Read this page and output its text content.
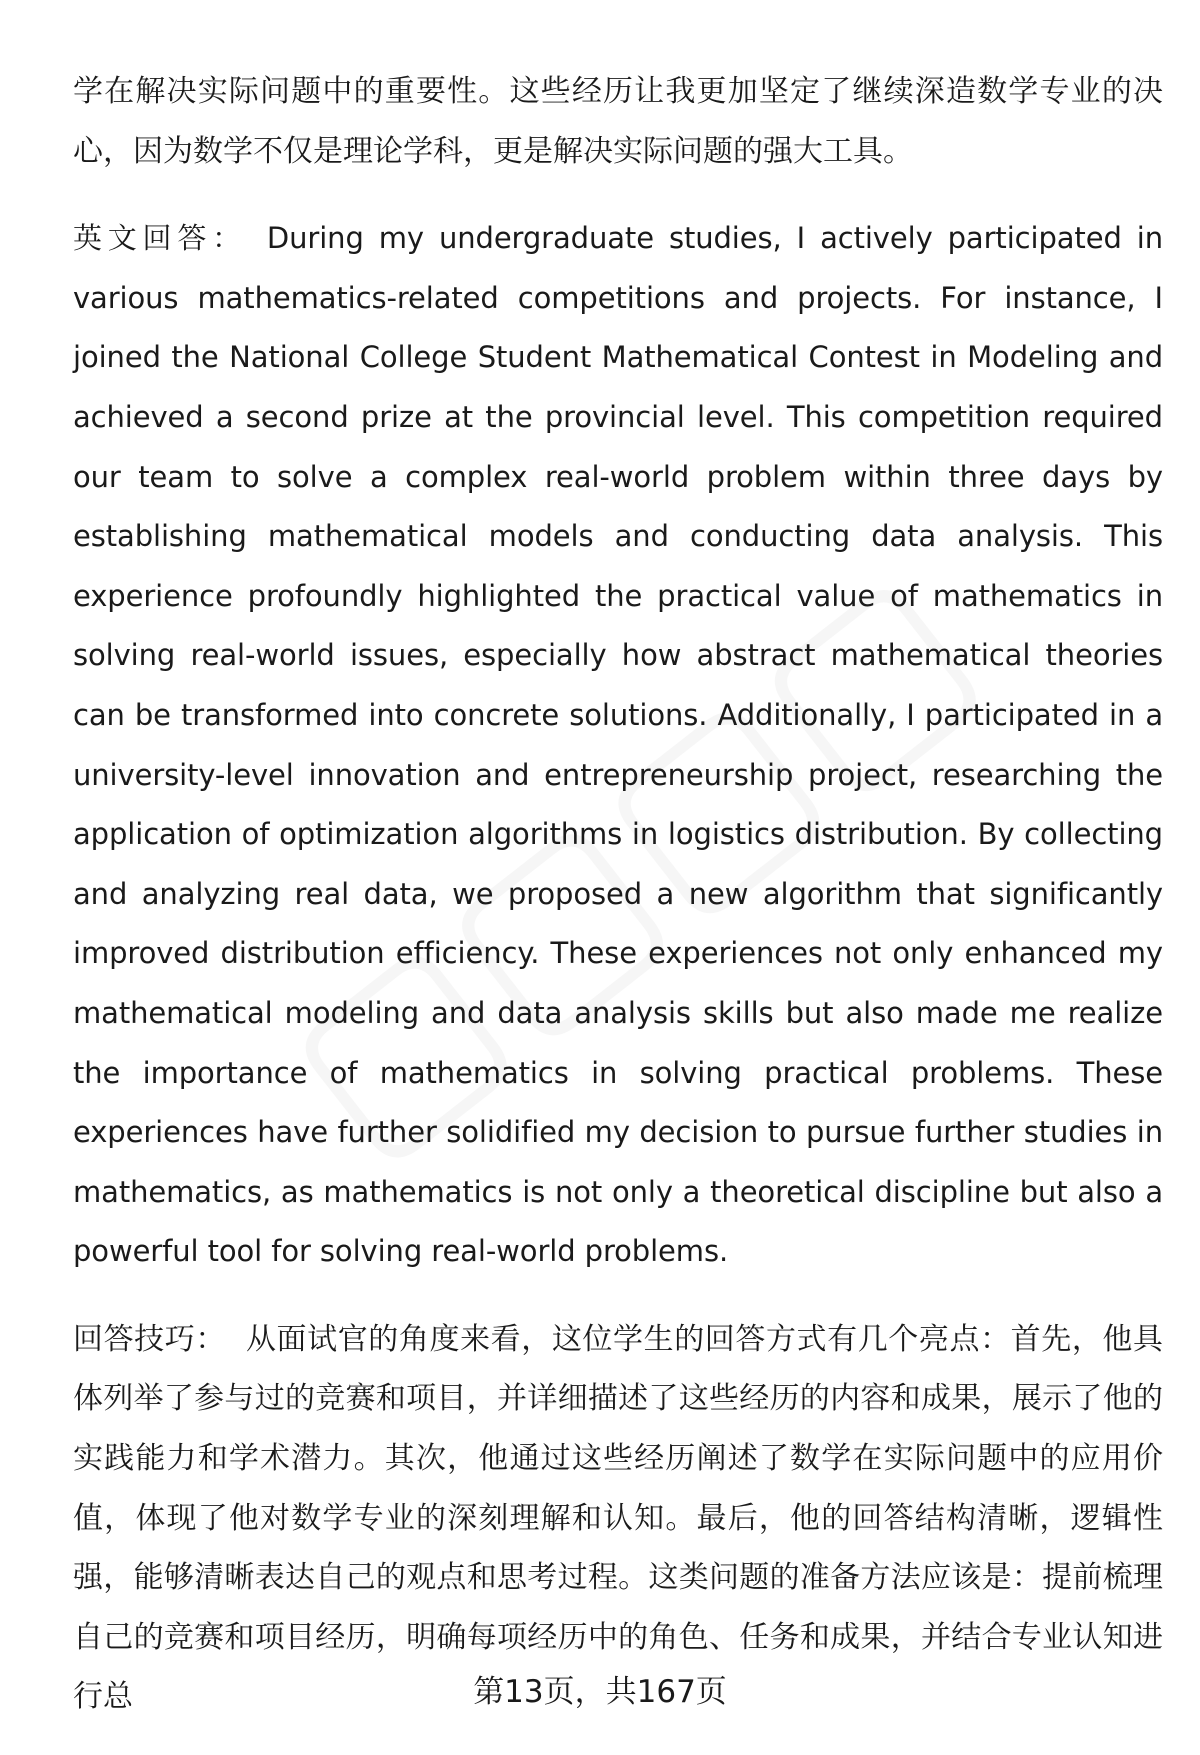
学在解决实际问题中的重要性。这些经历让我更加坚定了继续深造数学专业的决心，因为数学不仅是理论学科，更是解决实际问题的强大工具。

英文回答： During my undergraduate studies, I actively participated in various mathematics-related competitions and projects. For instance, I joined the National College Student Mathematical Contest in Modeling and achieved a second prize at the provincial level. This competition required our team to solve a complex real-world problem within three days by establishing mathematical models and conducting data analysis. This experience profoundly highlighted the practical value of mathematics in solving real-world issues, especially how abstract mathematical theories can be transformed into concrete solutions. Additionally, I participated in a university-level innovation and entrepreneurship project, researching the application of optimization algorithms in logistics distribution. By collecting and analyzing real data, we proposed a new algorithm that significantly improved distribution efficiency. These experiences not only enhanced my mathematical modeling and data analysis skills but also made me realize the importance of mathematics in solving practical problems. These experiences have further solidified my decision to pursue further studies in mathematics, as mathematics is not only a theoretical discipline but also a powerful tool for solving real-world problems.

回答技巧： 从面试官的角度来看，这位学生的回答方式有几个亮点：首先，他具体列举了参与过的竞赛和项目，并详细描述了这些经历的内容和成果，展示了他的实践能力和学术潜力。其次，他通过这些经历阐述了数学在实际问题中的应用价值，体现了他对数学专业的深刻理解和认知。最后，他的回答结构清晰，逻辑性强，能够清晰表达自己的观点和思考过程。这类问题的准备方法应该是：提前梳理自己的竞赛和项目经历，明确每项经历中的角色、任务和成果，并结合专业认知进行总	第13页，共167页
